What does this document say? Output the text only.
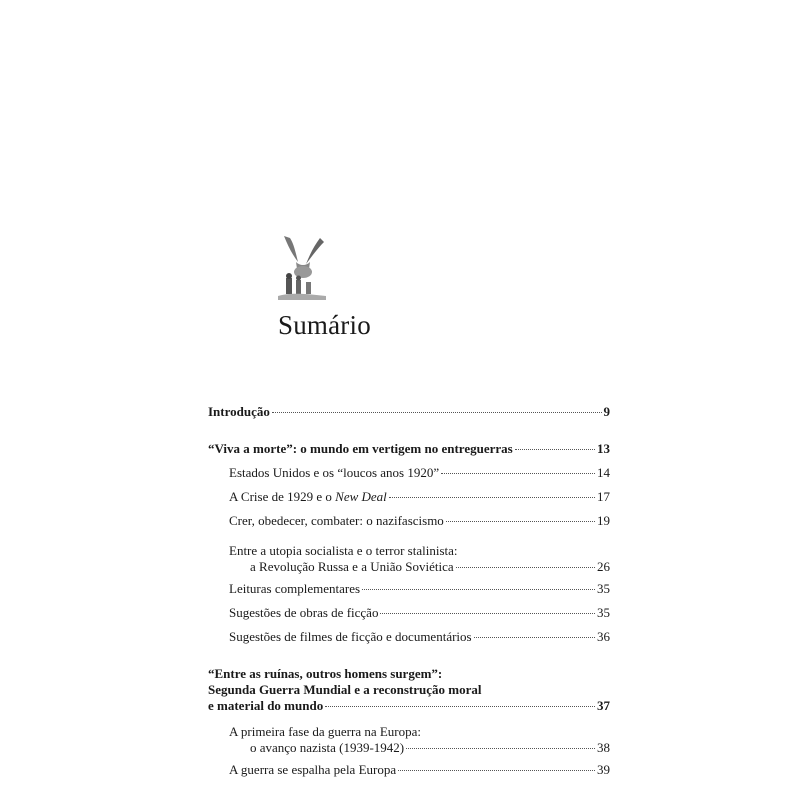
Sumário
Introdução	9
“Viva a morte”: o mundo em vertigem no entreguerras	13
Estados Unidos e os “loucos anos 1920”	14
A Crise de 1929 e o New Deal	17
Crer, obedecer, combater: o nazifascismo	19
Entre a utopia socialista e o terror stalinista:
a Revolução Russa e a União Soviética	26
Leituras complementares	35
Sugestões de obras de ficção	35
Sugestões de filmes de ficção e documentários	36
“Entre as ruínas, outros homens surgem”:
Segunda Guerra Mundial e a reconstrução moral
e material do mundo	37
A primeira fase da guerra na Europa:
o avanço nazista (1939-1942)	38
A guerra se espalha pela Europa	39
